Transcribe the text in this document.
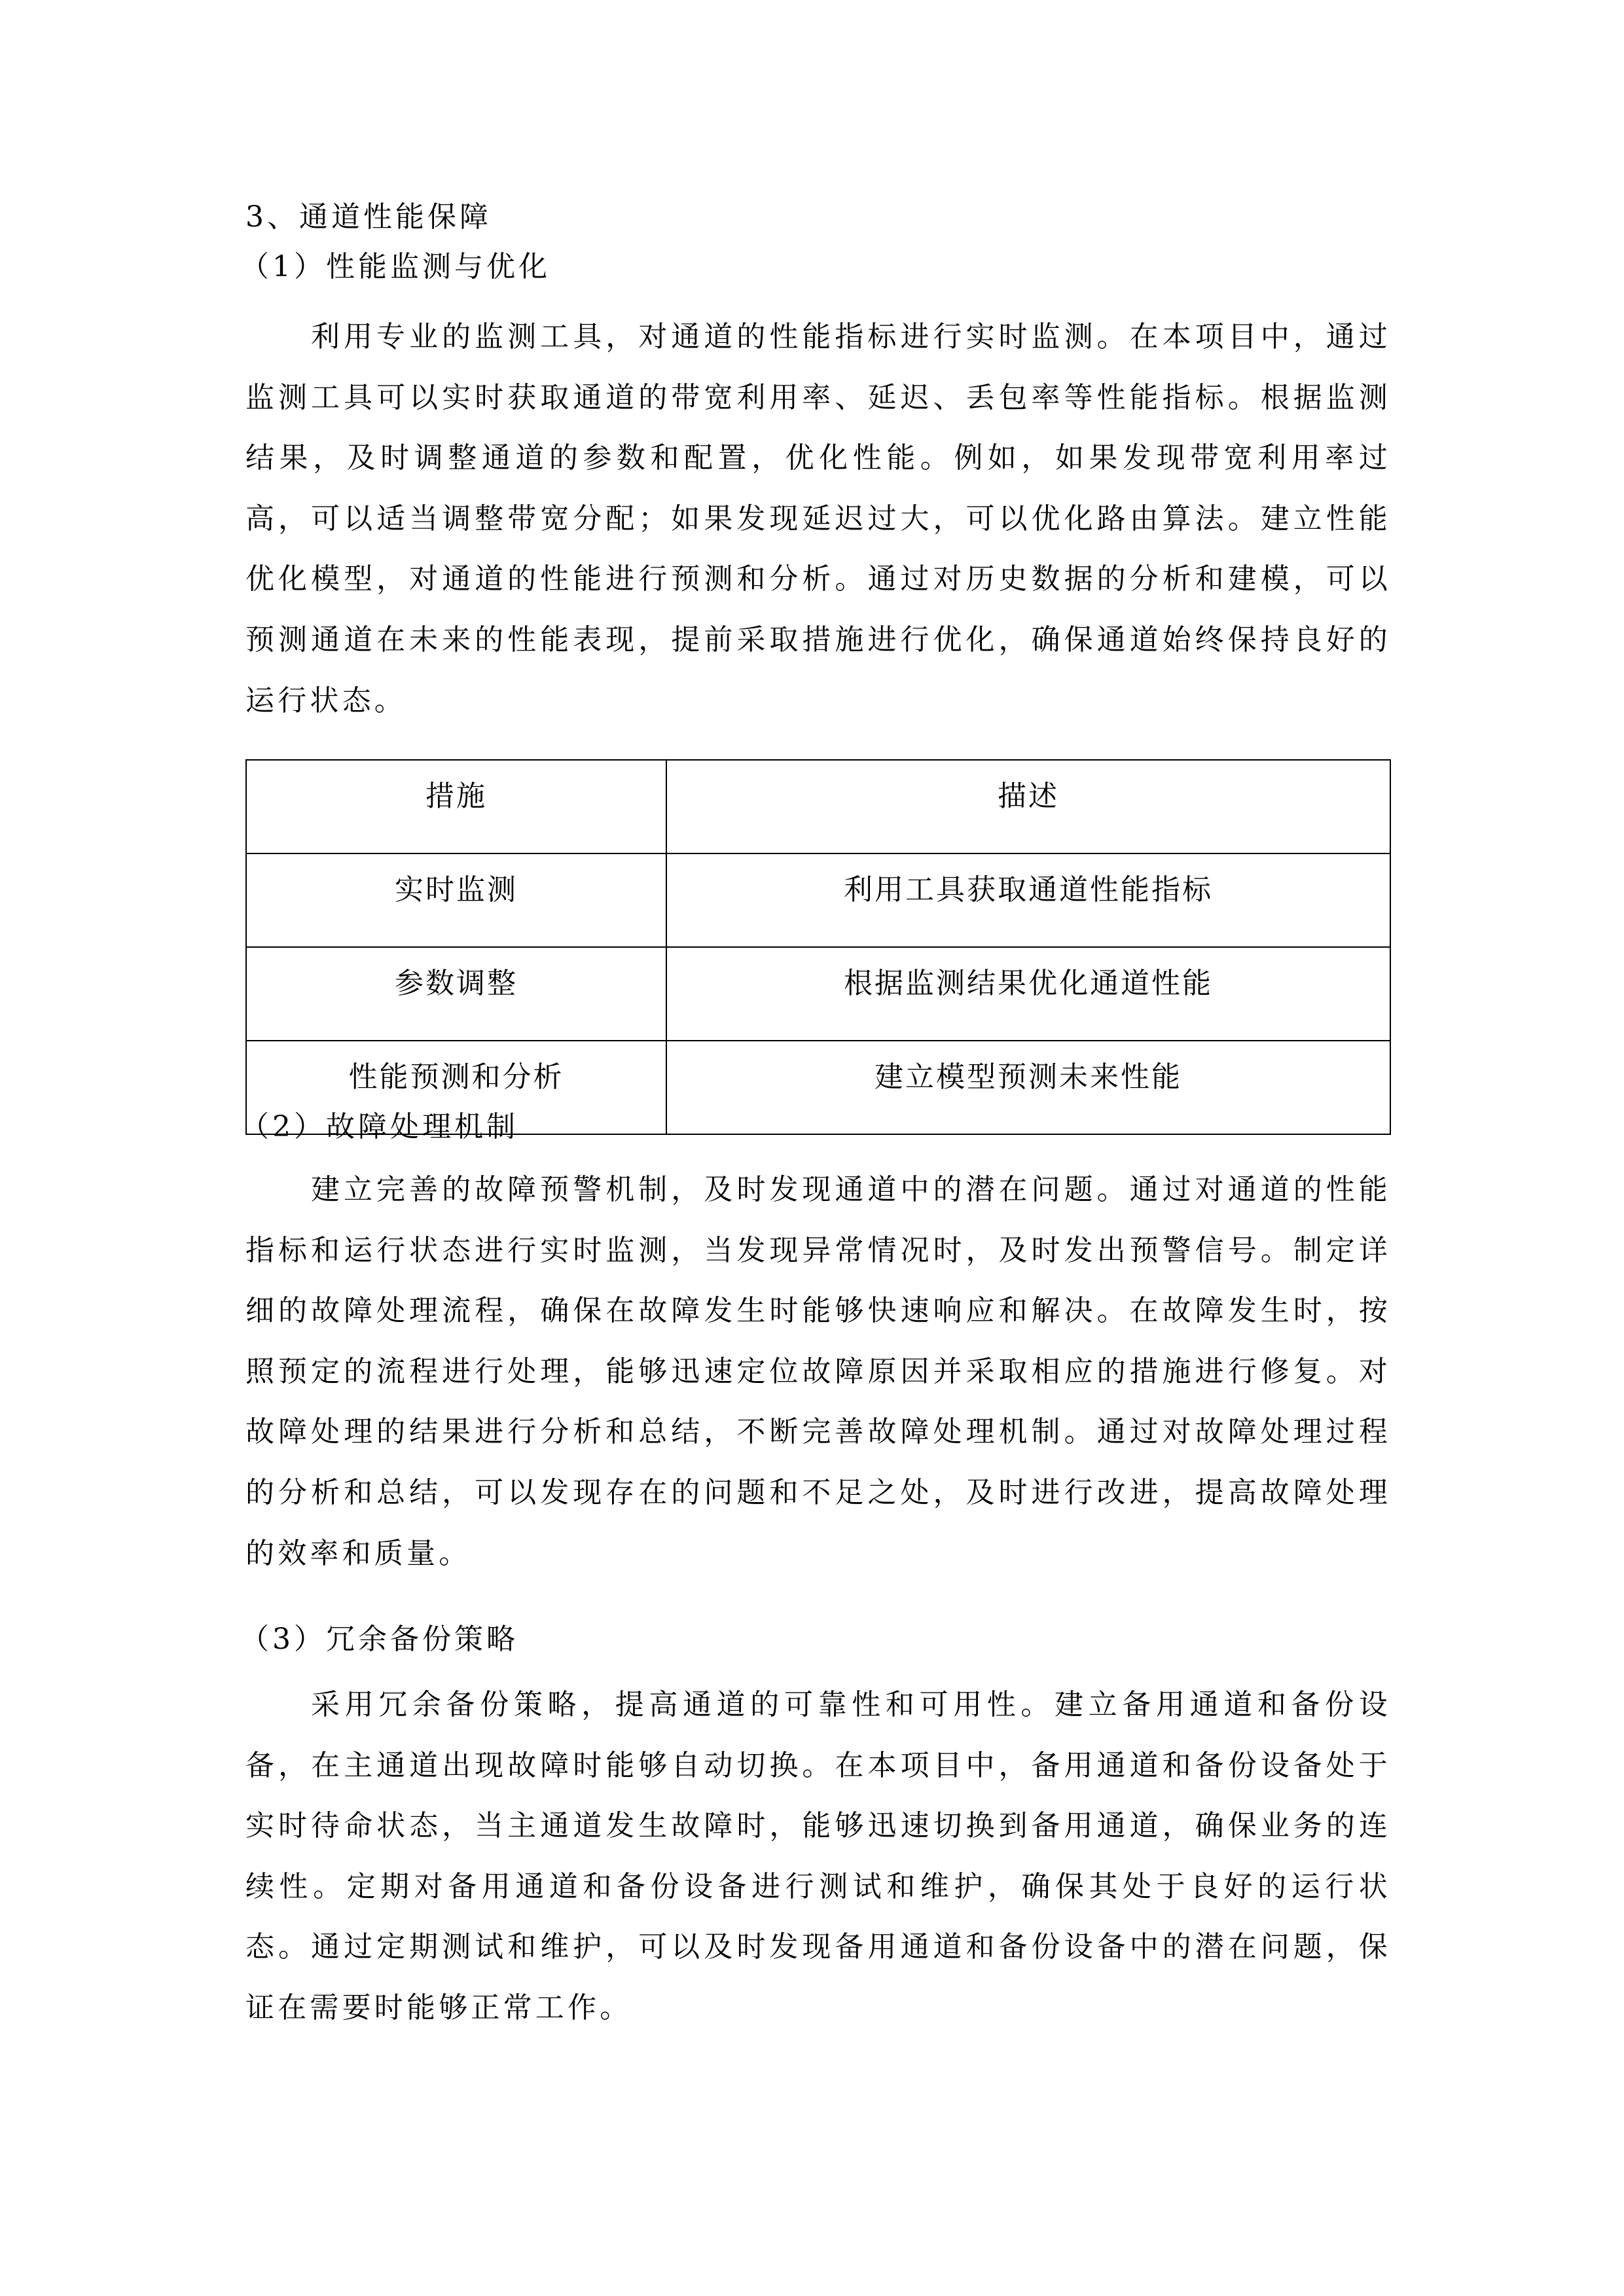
3、通道性能保障
（1）性能监测与优化
利用专业的监测工具，对通道的性能指标进行实时监测。在本项目中，通过监测工具可以实时获取通道的带宽利用率、延迟、丢包率等性能指标。根据监测结果，及时调整通道的参数和配置，优化性能。例如，如果发现带宽利用率过高，可以适当调整带宽分配；如果发现延迟过大，可以优化路由算法。建立性能优化模型，对通道的性能进行预测和分析。通过对历史数据的分析和建模，可以预测通道在未来的性能表现，提前采取措施进行优化，确保通道始终保持良好的运行状态。
措施	描述
实时监测	利用工具获取通道性能指标
参数调整	根据监测结果优化通道性能
性能预测和分析	建立模型预测未来性能
（2）故障处理机制
建立完善的故障预警机制，及时发现通道中的潜在问题。通过对通道的性能指标和运行状态进行实时监测，当发现异常情况时，及时发出预警信号。制定详细的故障处理流程，确保在故障发生时能够快速响应和解决。在故障发生时，按照预定的流程进行处理，能够迅速定位故障原因并采取相应的措施进行修复。对故障处理的结果进行分析和总结，不断完善故障处理机制。通过对故障处理过程的分析和总结，可以发现存在的问题和不足之处，及时进行改进，提高故障处理的效率和质量。
（3）冗余备份策略
采用冗余备份策略，提高通道的可靠性和可用性。建立备用通道和备份设备，在主通道出现故障时能够自动切换。在本项目中，备用通道和备份设备处于实时待命状态，当主通道发生故障时，能够迅速切换到备用通道，确保业务的连续性。定期对备用通道和备份设备进行测试和维护，确保其处于良好的运行状态。通过定期测试和维护，可以及时发现备用通道和备份设备中的潜在问题，保证在需要时能够正常工作。
